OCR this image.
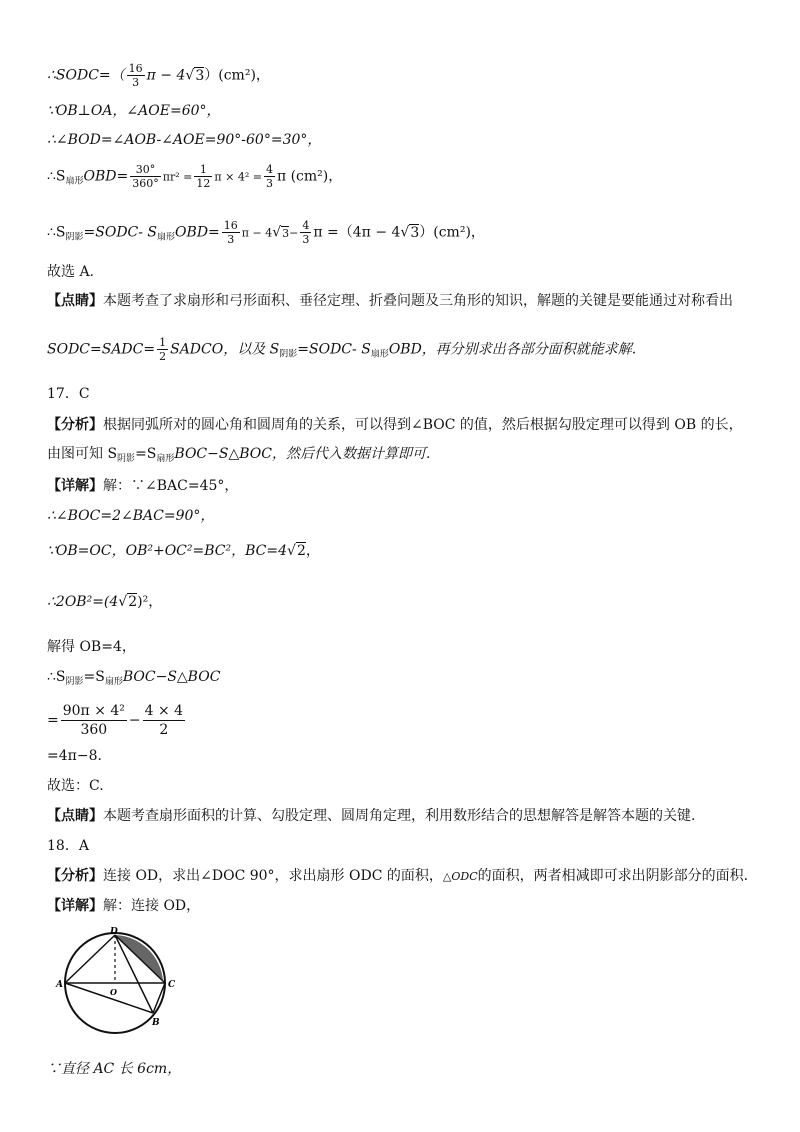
∴SODC=（ $\frac{16}{3}$ π − 4√3）(cm²)，
∵OB⊥OA，∠AOE=60°，
∴∠BOD=∠AOB-∠AOE=90°-60°=30°，
$\therefore S_{扇形}OBD= \frac{30^\circ}{360^\circ} \pi r^2 = \frac{1}{12}$ $\pi \times 4^2 = \frac{4}{3}$ π (cm²)，
$\therefore S_{阴影}=SODC-$ $S_{扇形}OBD= \frac{16}{3}$ $\pi - 4√3- \frac{4}{3}$ π =（4π − 4√3）(cm²)，
故选 A.
【点睛】本题考查了求扇形和弓形面积、垂径定理、折叠问题及三角形的知识，解题的关键是要能通过对称看出
SODC=SADC= $\frac{1}{2}$ SADCO，以及 $S_{阴影}=SODC-$ $S_{扇形}OBD$，再分别求出各部分面积就能求解.
17．C
【分析】根据同弧所对的圆心角和圆周角的关系，可以得到∠BOC 的值，然后根据勾股定理可以得到 OB 的长，
由图可知 $S_{阴影}=S_{扇形}BOC-S\triangle BOC$，然后代入数据计算即可.
【详解】解：∵∠BAC=45°，
∴∠BOC=2∠BAC=90°，
∵OB=OC，OB²+OC²=BC²，BC=4√2，
∴2OB²=(4√2)²，
解得 OB=4，
$\therefore S_{阴影}=S_{扇形}BOC-S\triangle BOC$
= $\frac{\text{90π × 4²}}{360} - \frac{4 \times 4}{2}$
=4π−8.
故选：C.
【点睛】本题考查扇形面积的计算、勾股定理、圆周角定理，利用数形结合的思想解答是解答本题的关键.
18．A
【分析】连接 OD，求出∠DOC 90°，求出扇形 ODC 的面积，△ODC的面积，两者相减即可求出阴影部分的面积.
【详解】解：连接 OD，
D
A
O
C
B
∵直径 AC 长 6cm，
